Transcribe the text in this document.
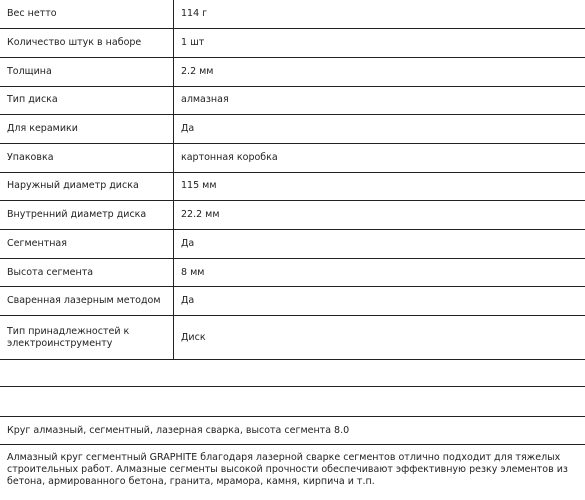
Вес нетто	114 г
Количество штук в наборе	1 шт
Толщина	2.2 мм
Тип диска	алмазная
Для керамики	Да
Упаковка	картонная коробка
Наружный диаметр диска	115 мм
Внутренний диаметр диска	22.2 мм
Сегментная	Да
Высота сегмента	8 мм
Сваренная лазерным методом	Да
Тип принадлежностей к электроинструменту	Диск
Круг алмазный, сегментный, лазерная сварка, высота сегмента 8.0
Алмазный круг сегментный GRAPHITE благодаря лазерной сварке сегментов отлично подходит для тяжелых строительных работ. Алмазные сегменты высокой прочности обеспечивают эффективную резку элементов из бетона, армированного бетона, гранита, мрамора, камня, кирпича и т.п.
